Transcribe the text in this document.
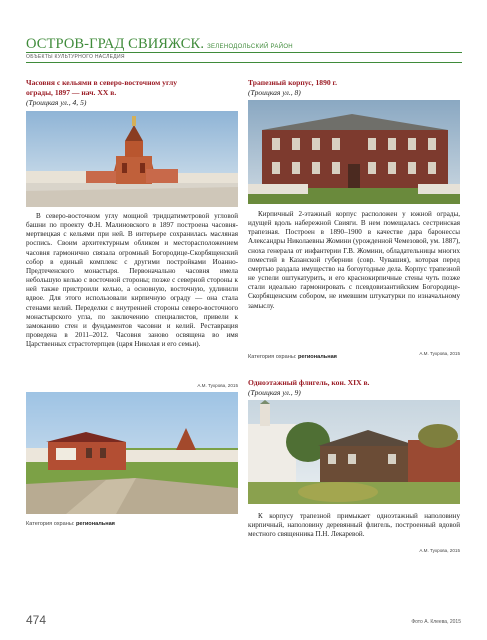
ОСТРОВ-ГРАД СВИЯЖСК. ЗЕЛЕНОДОЛЬСКИЙ РАЙОН
ОБЪЕКТЫ КУЛЬТУРНОГО НАСЛЕДИЯ
Часовня с кельями в северо-восточном углу
ограды, 1897 — нач. XX в.
(Троицкая ул., 4, 5)

В северо-восточном углу мощной тридцатиметровой угловой башни по проекту Ф.Н. Малиновского в 1897 построена часовня-мертвецкая с кельями при ней. В интерьере сохранилась масляная роспись. Своим архитектурным обликом и месторасположением часовня гармонично связала огромный Богородице-Скорбященский собор в единый комплекс с другими постройками Иоанно-Предтеченского монастыря. Первоначально часовня имела небольшую келью с восточной стороны; позже с северной стороны к ней также пристроили келью, а основную, восточную, удлинили вдвое. Для этого использовали кирпичную ограду — она стала стенами келий. Переделки с внутренней стороны северо-восточного монастырского угла, по заключению специалистов, привели к замоканию стен и фундаментов часовни и келий. Реставрация проведена в 2011–2012. Часовня заново освящена во имя Царственных страстотерпцев (царя Николая и его семьи).

А.М. Тухрова, 2015
Категория охраны: региональная
Трапезный корпус, 1890 г.
(Троицкая ул., 8)

Кирпичный 2-этажный корпус расположен у южной ограды, идущей вдоль набережной Свияги. В нем помещалась сестринская трапезная. Построен в 1890–1900 в качестве дара баронессы Александры Николаевны Жомини (урожденной Чемезовой, ум. 1887), сноха генерала от инфантерии Г.В. Жомини, обладательницы многих поместий в Казанской губернии (совр. Чувашия), которая перед смертью раздала имущество на богоугодные дела. Корпус трапезной не успели оштукатурить, и его краснокирпичные стены чуть позже стали идеально гармонировать с псевдовизантийским Богородице-Скорбященским собором, не имевшим штукатурки по изначальному замыслу.

А.М. Тухрова, 2015
Категория охраны: региональная
Одноэтажный флигель, кон. XIX в.
(Троицкая ул., 9)

К корпусу трапезной примыкает одноэтажный наполовину кирпичный, наполовину деревянный флигель, построенный вдовой местного священника П.Н. Лекаревой.

А.М. Тухрова, 2015
474	Фото А. Клеева, 2015
